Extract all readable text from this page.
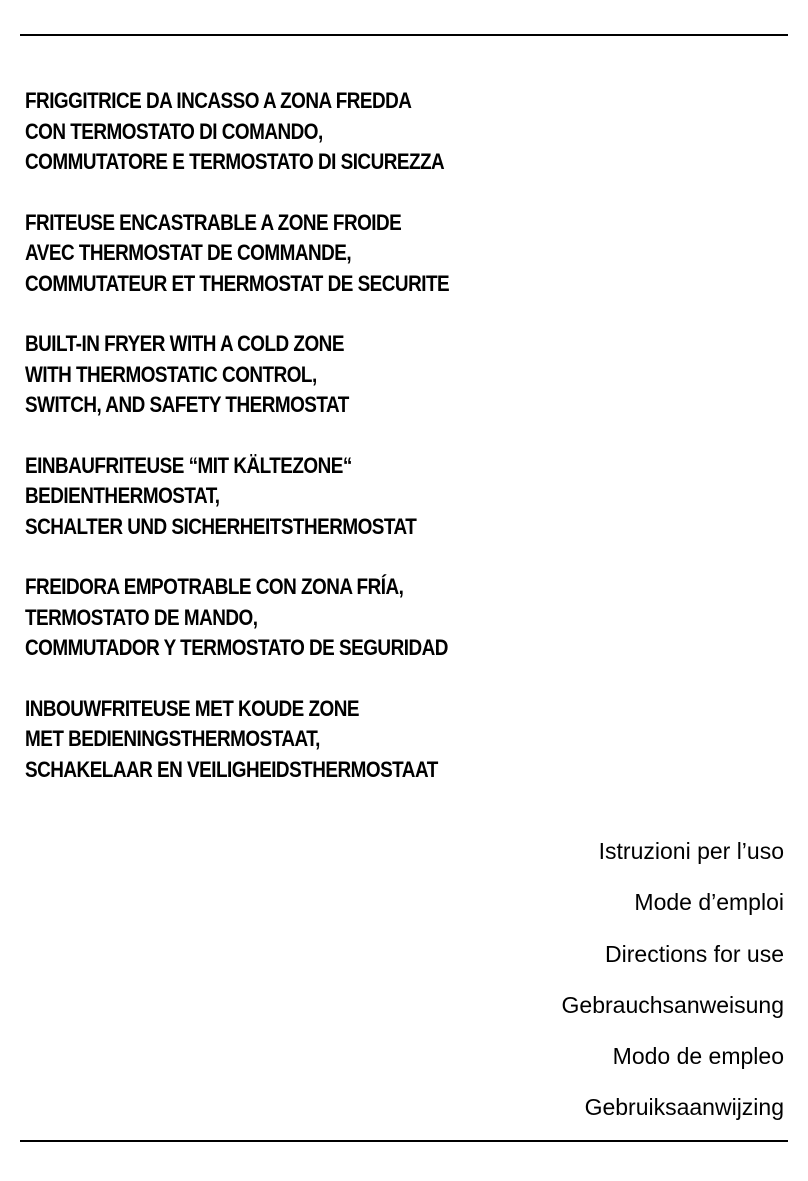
FRIGGITRICE DA INCASSO A ZONA FREDDA
CON TERMOSTATO DI COMANDO,
COMMUTATORE E TERMOSTATO DI SICUREZZA
FRITEUSE ENCASTRABLE A ZONE FROIDE
AVEC THERMOSTAT DE COMMANDE,
COMMUTATEUR ET THERMOSTAT DE SECURITE
BUILT-IN FRYER WITH A COLD ZONE
WITH THERMOSTATIC CONTROL,
SWITCH, AND SAFETY THERMOSTAT
EINBAUFRITEUSE “MIT KÄLTEZONE“
BEDIENTHERMOSTAT,
SCHALTER UND SICHERHEITSTHERMOSTAT
FREIDORA EMPOTRABLE CON ZONA FRÍA,
TERMOSTATO DE MANDO,
COMMUTADOR Y TERMOSTATO DE SEGURIDAD
INBOUWFRITEUSE MET KOUDE ZONE
MET BEDIENINGSTHERMOSTAAT,
SCHAKELAAR EN VEILIGHEIDSTHERMOSTAAT
Istruzioni per l’uso
Mode d’emploi
Directions for use
Gebrauchsanweisung
Modo de empleo
Gebruiksaanwijzing
